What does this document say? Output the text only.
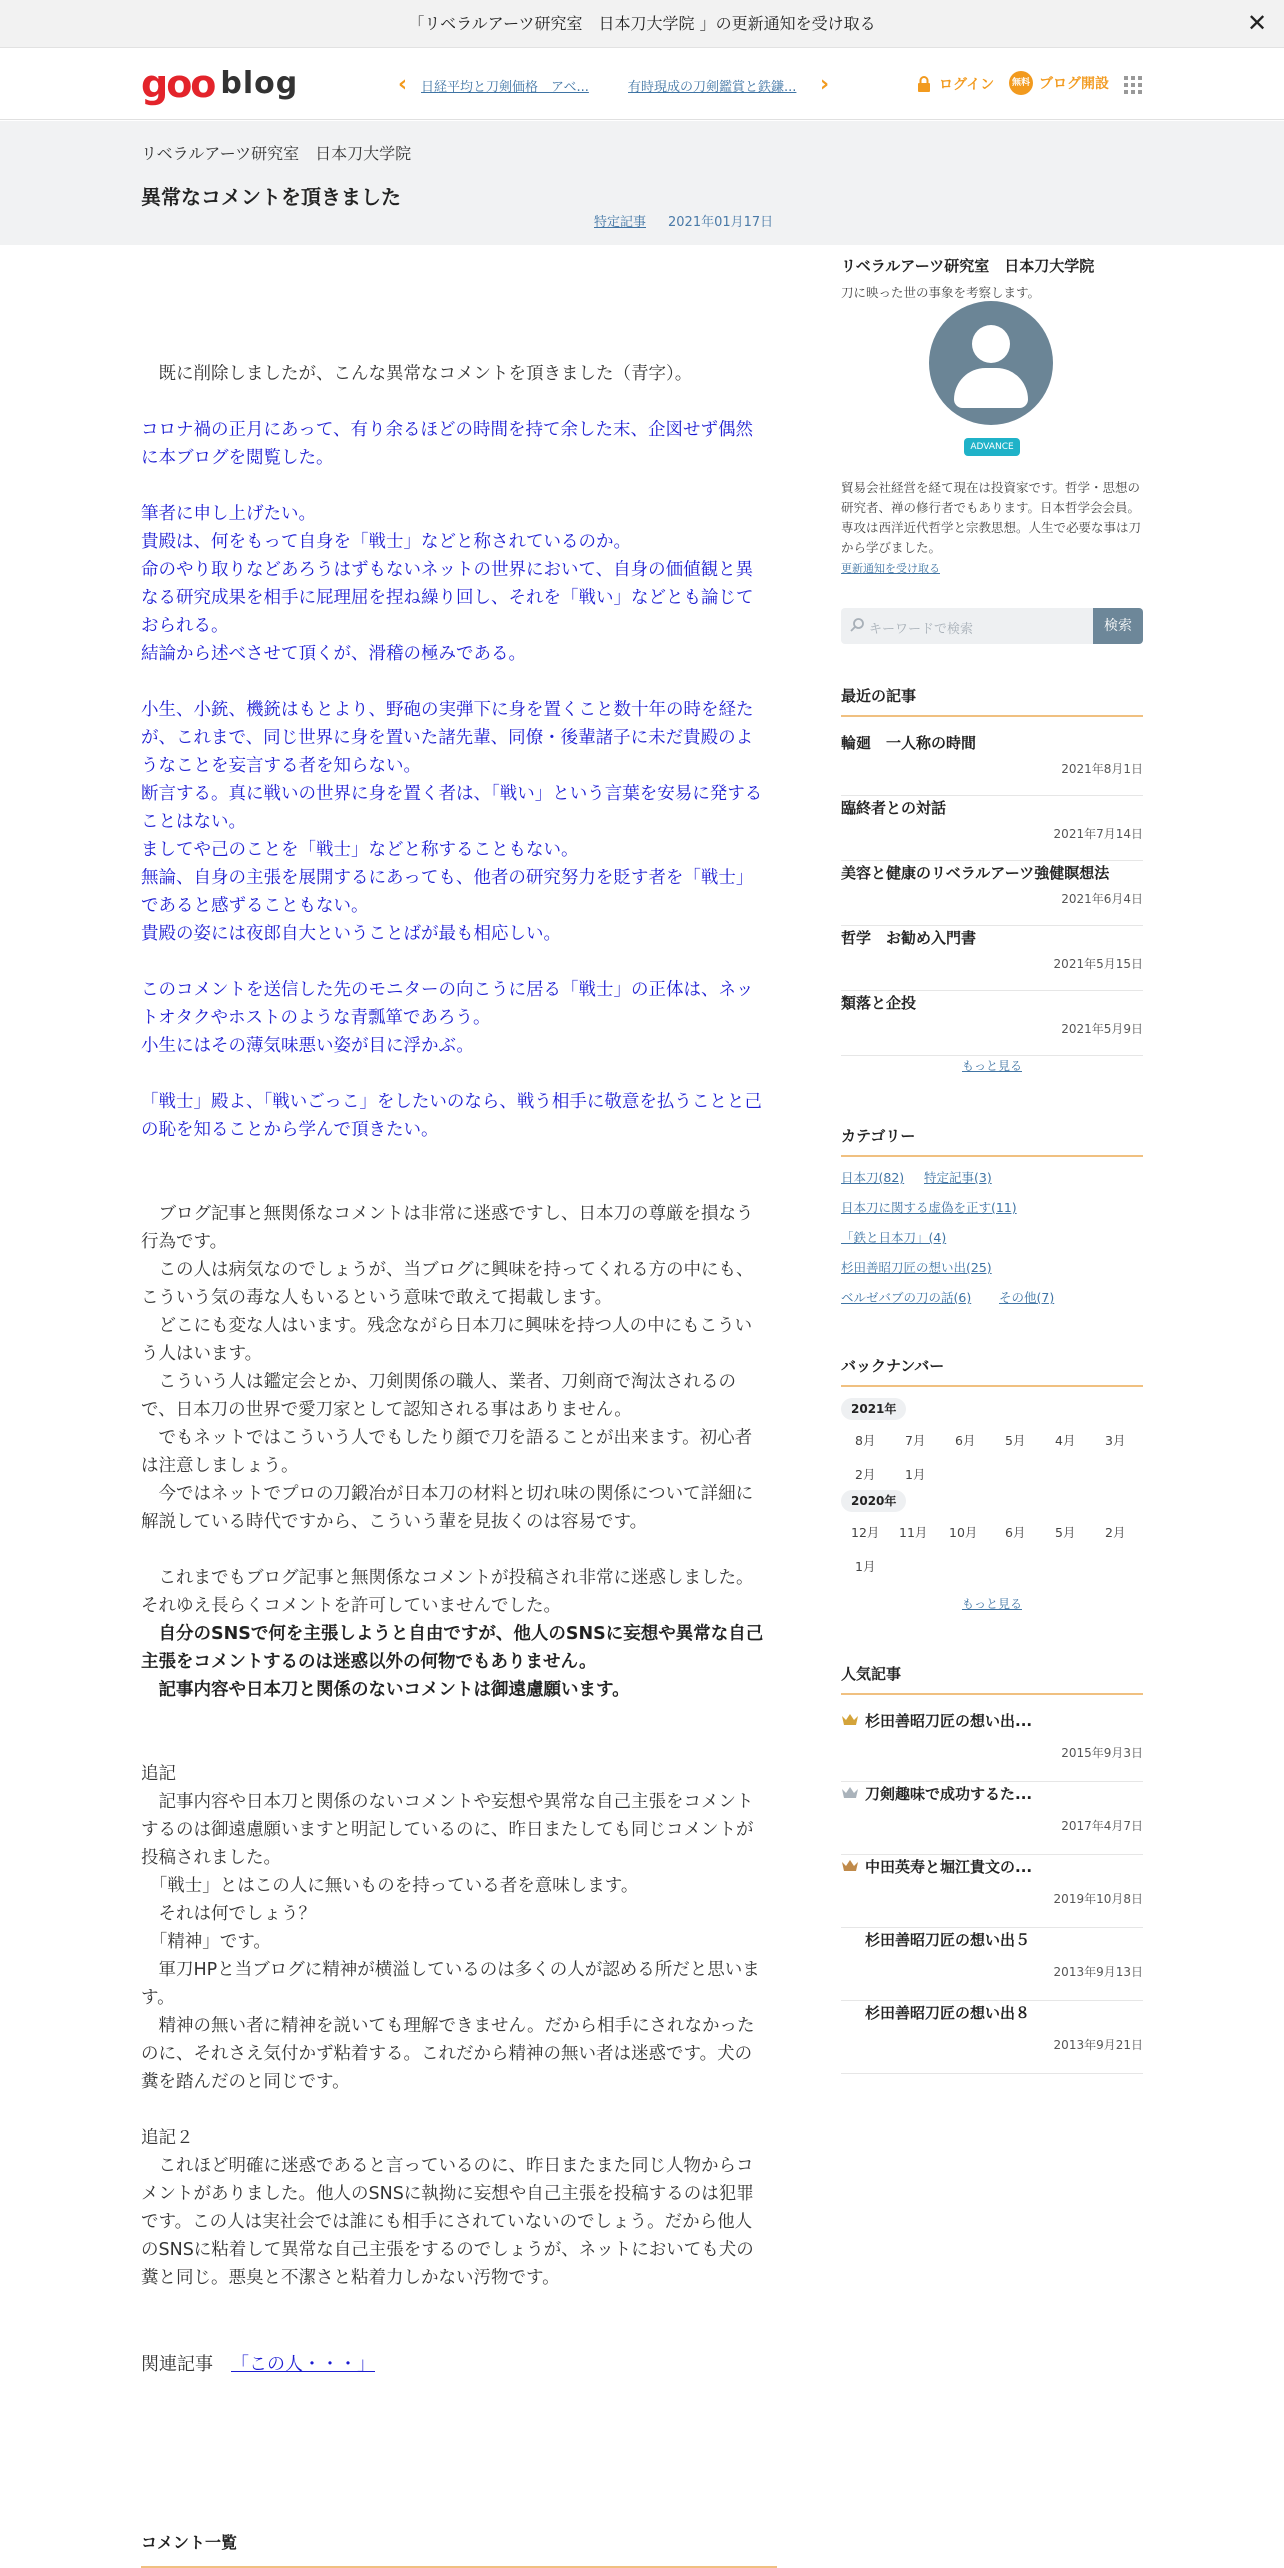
「リベラルアーツ研究室　日本刀大学院 」の更新通知を受け取る	✕
goo blog	‹	日経平均と刀剣価格　アベ...	有時現成の刀剣鑑賞と鉄鎌...	›	ログイン	無料 ブログ開設
リベラルアーツ研究室　日本刀大学院
異常なコメントを頂きました
特定記事 2021年01月17日

　既に削除しましたが、こんな異常なコメントを頂きました（青字）。

コロナ禍の正月にあって、有り余るほどの時間を持て余した末、企図せず偶然に本ブログを閲覧した。

筆者に申し上げたい。

貴殿は、何をもって自身を「戦士」などと称されているのか。

命のやり取りなどあろうはずもないネットの世界において、自身の価値観と異なる研究成果を相手に屁理屈を捏ね繰り回し、それを「戦い」などとも論じておられる。

結論から述べさせて頂くが、滑稽の極みである。

小生、小銃、機銃はもとより、野砲の実弾下に身を置くこと数十年の時を経たが、これまで、同じ世界に身を置いた諸先輩、同僚・後輩諸子に未だ貴殿のようなことを妄言する者を知らない。

断言する。真に戦いの世界に身を置く者は、「戦い」という言葉を安易に発することはない。

ましてや己のことを「戦士」などと称することもない。

無論、自身の主張を展開するにあっても、他者の研究努力を貶す者を「戦士」であると感ずることもない。

貴殿の姿には夜郎自大ということばが最も相応しい。

このコメントを送信した先のモニターの向こうに居る「戦士」の正体は、ネットオタクやホストのような青瓢箪であろう。

小生にはその薄気味悪い姿が目に浮かぶ。

「戦士」殿よ、「戦いごっこ」をしたいのなら、戦う相手に敬意を払うことと己の恥を知ることから学んで頂きたい。

　ブログ記事と無関係なコメントは非常に迷惑ですし、日本刀の尊厳を損なう行為です。

　この人は病気なのでしょうが、当ブログに興味を持ってくれる方の中にも、こういう気の毒な人もいるという意味で敢えて掲載します。

　どこにも変な人はいます。残念ながら日本刀に興味を持つ人の中にもこういう人はいます。

　こういう人は鑑定会とか、刀剣関係の職人、業者、刀剣商で淘汰されるので、日本刀の世界で愛刀家として認知される事はありません。

　でもネットではこういう人でもしたり顔で刀を語ることが出来ます。初心者は注意しましょう。

　今ではネットでプロの刀鍛冶が日本刀の材料と切れ味の関係について詳細に解説している時代ですから、こういう輩を見抜くのは容易です。

　これまでもブログ記事と無関係なコメントが投稿され非常に迷惑しました。それゆえ長らくコメントを許可していませんでした。

　自分のSNSで何を主張しようと自由ですが、他人のSNSに妄想や異常な自己主張をコメントするのは迷惑以外の何物でもありません。

　記事内容や日本刀と関係のないコメントは御遠慮願います。

追記

　記事内容や日本刀と関係のないコメントや妄想や異常な自己主張をコメントするのは御遠慮願いますと明記しているのに、昨日またしても同じコメントが投稿されました。

　「戦士」とはこの人に無いものを持っている者を意味します。

　それは何でしょう？

　「精神」です。

　軍刀HPと当ブログに精神が横溢しているのは多くの人が認める所だと思います。

　精神の無い者に精神を説いても理解できません。だから相手にされなかったのに、それさえ気付かず粘着する。これだから精神の無い者は迷惑です。犬の糞を踏んだのと同じです。

追記２

　これほど明確に迷惑であると言っているのに、昨日またまた同じ人物からコメントがありました。他人のSNSに執拗に妄想や自己主張を投稿するのは犯罪です。この人は実社会では誰にも相手にされていないのでしょう。だから他人のSNSに粘着して異常な自己主張をするのでしょうが、ネットにおいても犬の糞と同じ。悪臭と不潔さと粘着力しかない汚物です。

関連記事 「この人・・・」
コメント一覧
リベラルアーツ研究室　日本刀大学院
刀に映った世の事象を考察します。
ADVANCE
貿易会社経営を経て現在は投資家です。哲学・思想の研究者、禅の修行者でもあります。日本哲学会会員。専攻は西洋近代哲学と宗教思想。人生で必要な事は刀から学びました。
更新通知を受け取る
キーワードで検索	検索
最近の記事
輪廻　一人称の時間
2021年8月1日
臨終者との対話
2021年7月14日
美容と健康のリベラルアーツ強健瞑想法
2021年6月4日
哲学　お勧め入門書
2021年5月15日
類落と企投
2021年5月9日
もっと見る
カテゴリー
日本刀(82) 特定記事(3)
日本刀に関する虚偽を正す(11)
「鉄と日本刀」(4)
杉田善昭刀匠の想い出(25)
ベルゼバブの刀の話(6) その他(7)
バックナンバー
2021年
8月 7月 6月 5月 4月 3月
2月 1月
2020年
12月 11月 10月 6月 5月 2月
1月
もっと見る
人気記事
杉田善昭刀匠の想い出...
2015年9月3日
刀剣趣味で成功するた...
2017年4月7日
中田英寿と堀江貴文の...
2019年10月8日
杉田善昭刀匠の想い出５
2013年9月13日
杉田善昭刀匠の想い出８
2013年9月21日
